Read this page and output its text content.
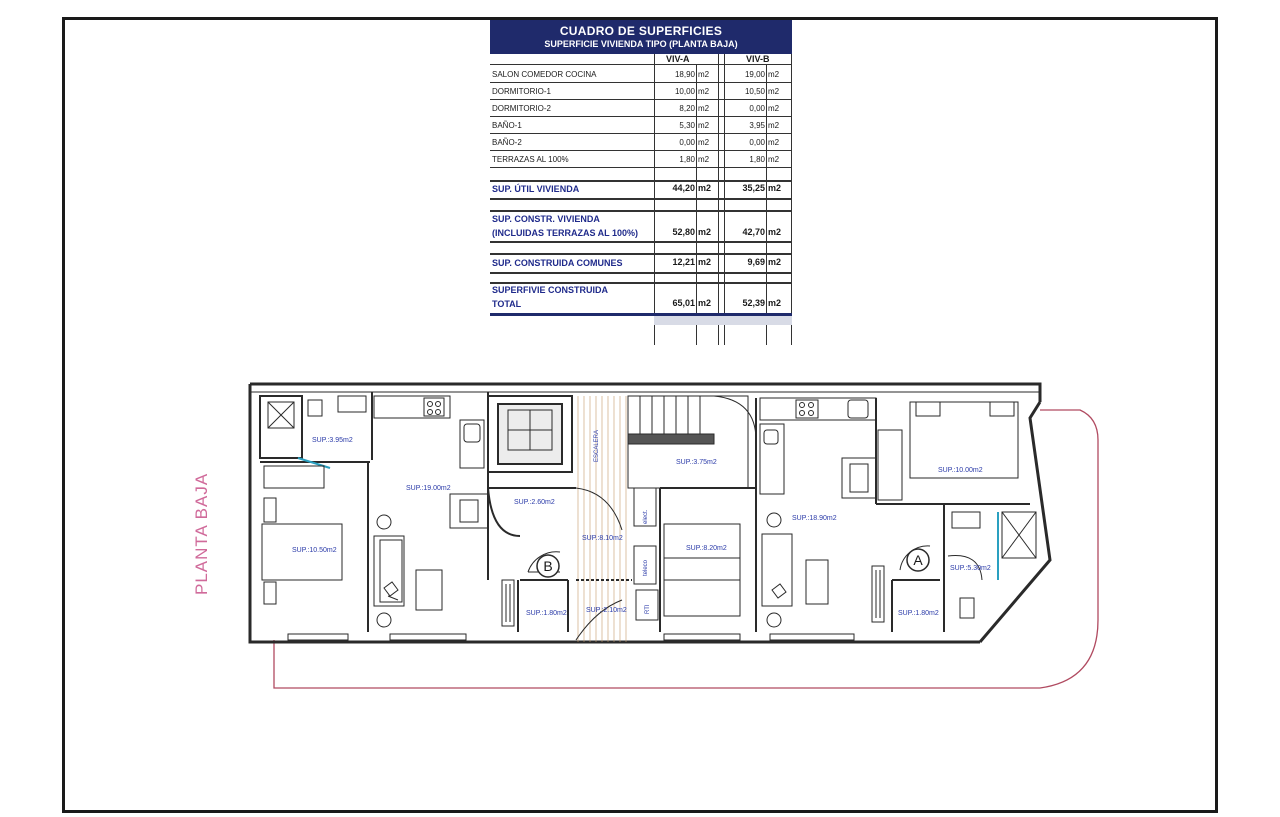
CUADRO DE SUPERFICIES
SUPERFICIE VIVIENDA TIPO (PLANTA BAJA)
VIV-A	VIV-B
SALON COMEDOR COCINA	18,90 m2	19,00 m2
DORMITORIO-1	10,00 m2	10,50 m2
DORMITORIO-2	8,20 m2	0,00 m2
BAÑO-1	5,30 m2	3,95 m2
BAÑO-2	0,00 m2	0,00 m2
TERRAZAS AL 100%	1,80 m2	1,80 m2
SUP. ÚTIL VIVIENDA	44,20 m2	35,25 m2
SUP. CONSTR. VIVIENDA
(INCLUIDAS TERRAZAS AL 100%)	52,80 m2	42,70 m2
SUP. CONSTRUIDA COMUNES	12,21 m2	9,69 m2
SUPERFIVIE CONSTRUIDA
TOTAL	65,01 m2	52,39 m2
PLANTA BAJA	B	A
ESCALERA
elect.
teleco
RTI
SUP.:3.95m2
SUP.:19.00m2
SUP.:10.50m2
SUP.:2.60m2
SUP.:1.80m2
SUP.:8.10m2
SUP.:2.10m2
SUP.:3.75m2
SUP.:8.20m2
SUP.:18.90m2
SUP.:10.00m2
SUP.:5.30m2
SUP.:1.80m2
